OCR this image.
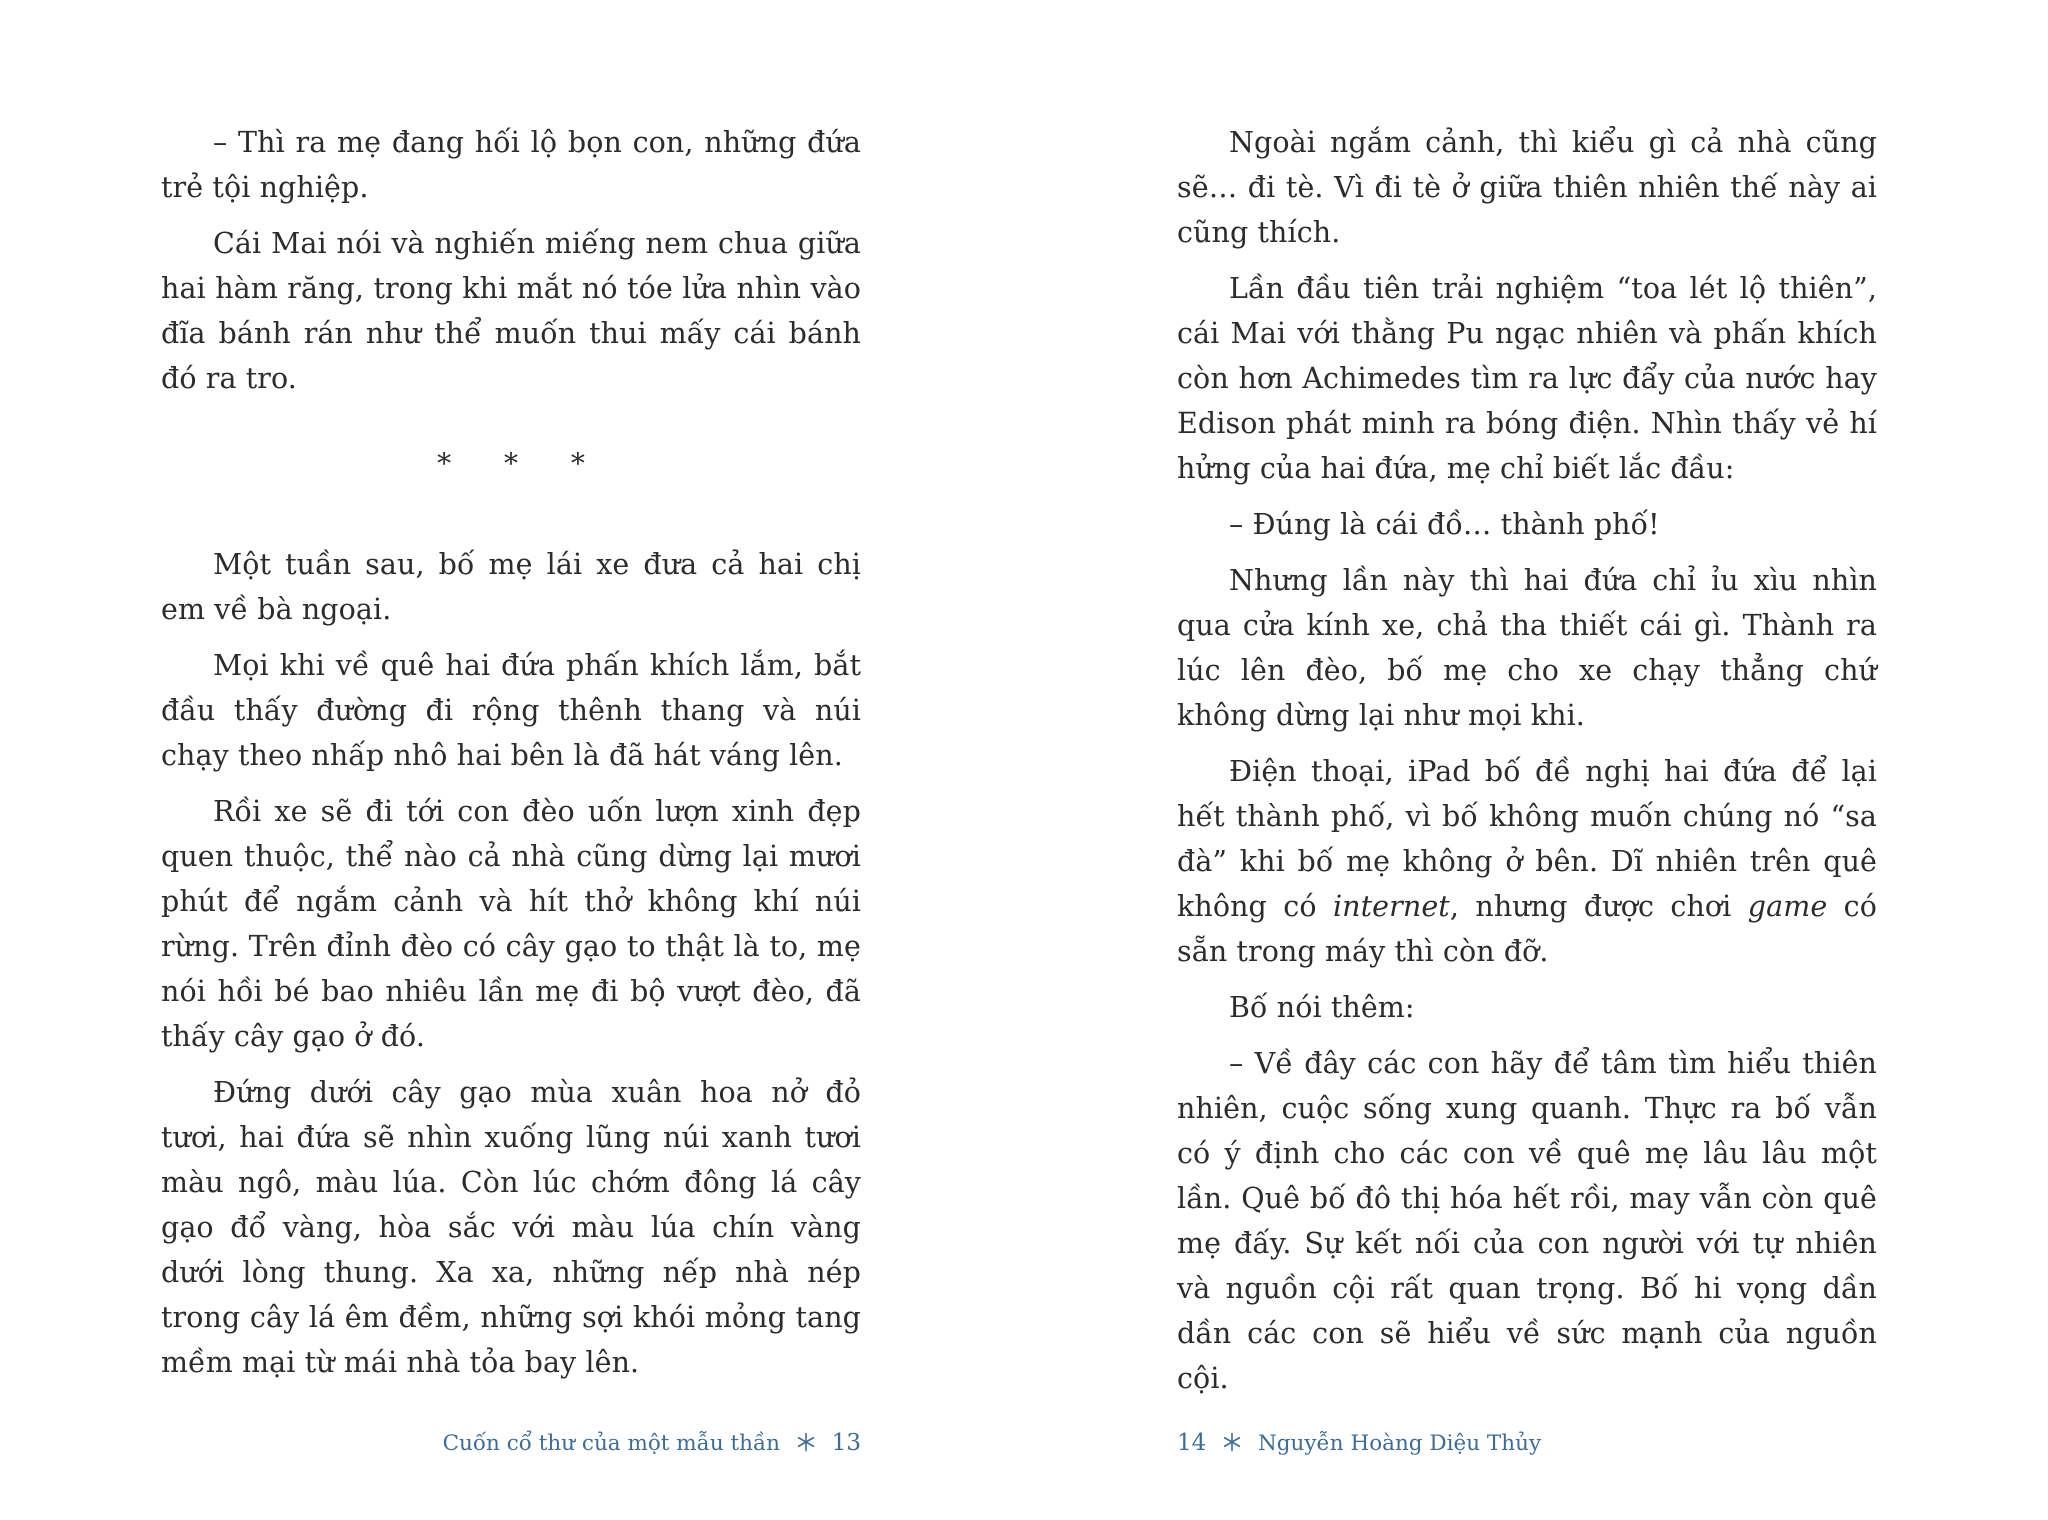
– Thì ra mẹ đang hối lộ bọn con, những đứa trẻ tội nghiệp.

Cái Mai nói và nghiến miếng nem chua giữa hai hàm răng, trong khi mắt nó tóe lửa nhìn vào đĩa bánh rán như thể muốn thui mấy cái bánh đó ra tro.

* * *

Một tuần sau, bố mẹ lái xe đưa cả hai chị em về bà ngoại.

Mọi khi về quê hai đứa phấn khích lắm, bắt đầu thấy đường đi rộng thênh thang và núi chạy theo nhấp nhô hai bên là đã hát váng lên.

Rồi xe sẽ đi tới con đèo uốn lượn xinh đẹp quen thuộc, thể nào cả nhà cũng dừng lại mươi phút để ngắm cảnh và hít thở không khí núi rừng. Trên đỉnh đèo có cây gạo to thật là to, mẹ nói hồi bé bao nhiêu lần mẹ đi bộ vượt đèo, đã thấy cây gạo ở đó.

Đứng dưới cây gạo mùa xuân hoa nở đỏ tươi, hai đứa sẽ nhìn xuống lũng núi xanh tươi màu ngô, màu lúa. Còn lúc chớm đông lá cây gạo đổ vàng, hòa sắc với màu lúa chín vàng dưới lòng thung. Xa xa, những nếp nhà nép trong cây lá êm đềm, những sợi khói mỏng tang mềm mại từ mái nhà tỏa bay lên.

Cuốn cổ thư của một mẫu thần 13

Ngoài ngắm cảnh, thì kiểu gì cả nhà cũng sẽ… đi tè. Vì đi tè ở giữa thiên nhiên thế này ai cũng thích.

Lần đầu tiên trải nghiệm “toa lét lộ thiên”, cái Mai với thằng Pu ngạc nhiên và phấn khích còn hơn Achimedes tìm ra lực đẩy của nước hay Edison phát minh ra bóng điện. Nhìn thấy vẻ hí hửng của hai đứa, mẹ chỉ biết lắc đầu:

– Đúng là cái đồ… thành phố!

Nhưng lần này thì hai đứa chỉ ỉu xìu nhìn qua cửa kính xe, chả tha thiết cái gì. Thành ra lúc lên đèo, bố mẹ cho xe chạy thẳng chứ không dừng lại như mọi khi.

Điện thoại, iPad bố đề nghị hai đứa để lại hết thành phố, vì bố không muốn chúng nó “sa đà” khi bố mẹ không ở bên. Dĩ nhiên trên quê không có internet, nhưng được chơi game có sẵn trong máy thì còn đỡ.

Bố nói thêm:

– Về đây các con hãy để tâm tìm hiểu thiên nhiên, cuộc sống xung quanh. Thực ra bố vẫn có ý định cho các con về quê mẹ lâu lâu một lần. Quê bố đô thị hóa hết rồi, may vẫn còn quê mẹ đấy. Sự kết nối của con người với tự nhiên và nguồn cội rất quan trọng. Bố hi vọng dần dần các con sẽ hiểu về sức mạnh của nguồn cội.

14 Nguyễn Hoàng Diệu Thủy
